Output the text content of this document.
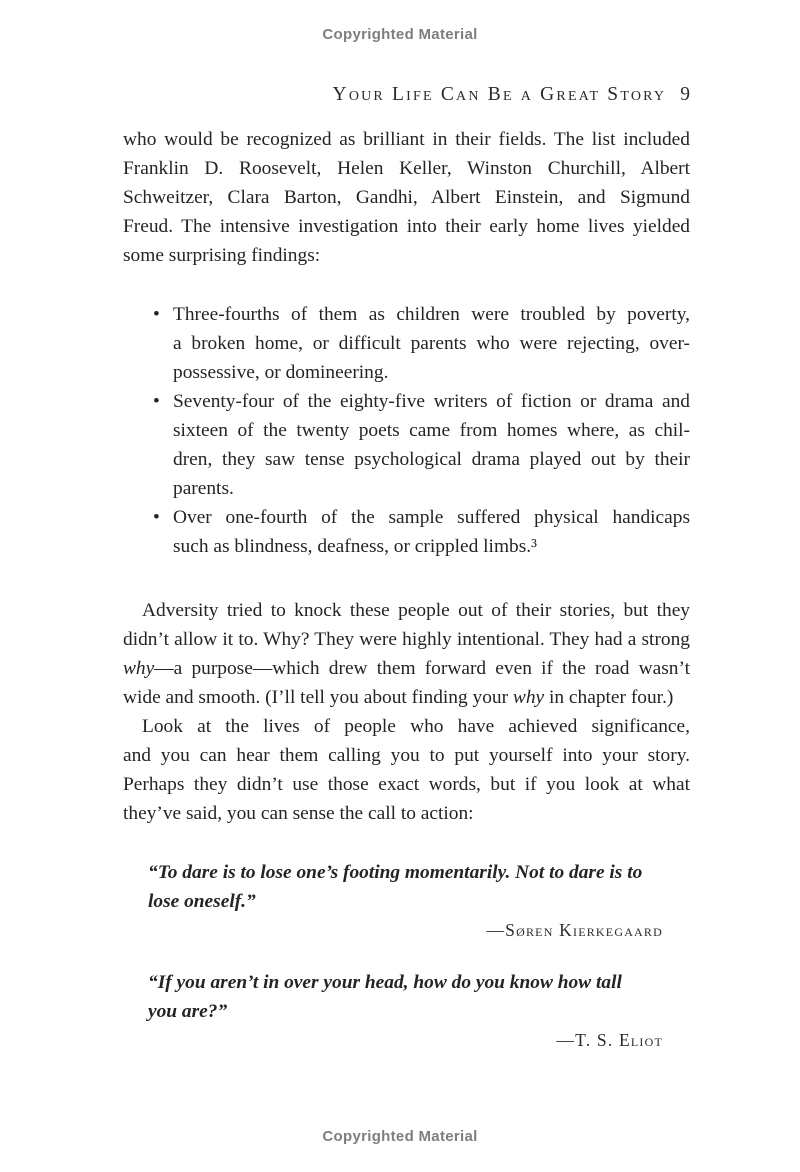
Copyrighted Material
Your Life Can Be a Great Story 9
who would be recognized as brilliant in their fields. The list included
Franklin D. Roosevelt, Helen Keller, Winston Churchill, Albert
Schweitzer, Clara Barton, Gandhi, Albert Einstein, and Sigmund
Freud. The intensive investigation into their early home lives yielded
some surprising findings:
• Three-fourths of them as children were troubled by poverty,
a broken home, or difficult parents who were rejecting, over-
possessive, or domineering.
• Seventy-four of the eighty-five writers of fiction or drama and
sixteen of the twenty poets came from homes where, as chil-
dren, they saw tense psychological drama played out by their
parents.
• Over one-fourth of the sample suffered physical handicaps
such as blindness, deafness, or crippled limbs.³
Adversity tried to knock these people out of their stories, but they
didn’t allow it to. Why? They were highly intentional. They had a strong
why—a purpose—which drew them forward even if the road wasn’t
wide and smooth. (I’ll tell you about finding your why in chapter four.)
Look at the lives of people who have achieved significance,
and you can hear them calling you to put yourself into your story.
Perhaps they didn’t use those exact words, but if you look at what
they’ve said, you can sense the call to action:
“To dare is to lose one’s footing momentarily. Not to dare is to
lose oneself.”
—Søren Kierkegaard
“If you aren’t in over your head, how do you know how tall
you are?”
—T. S. Eliot
Copyrighted Material
